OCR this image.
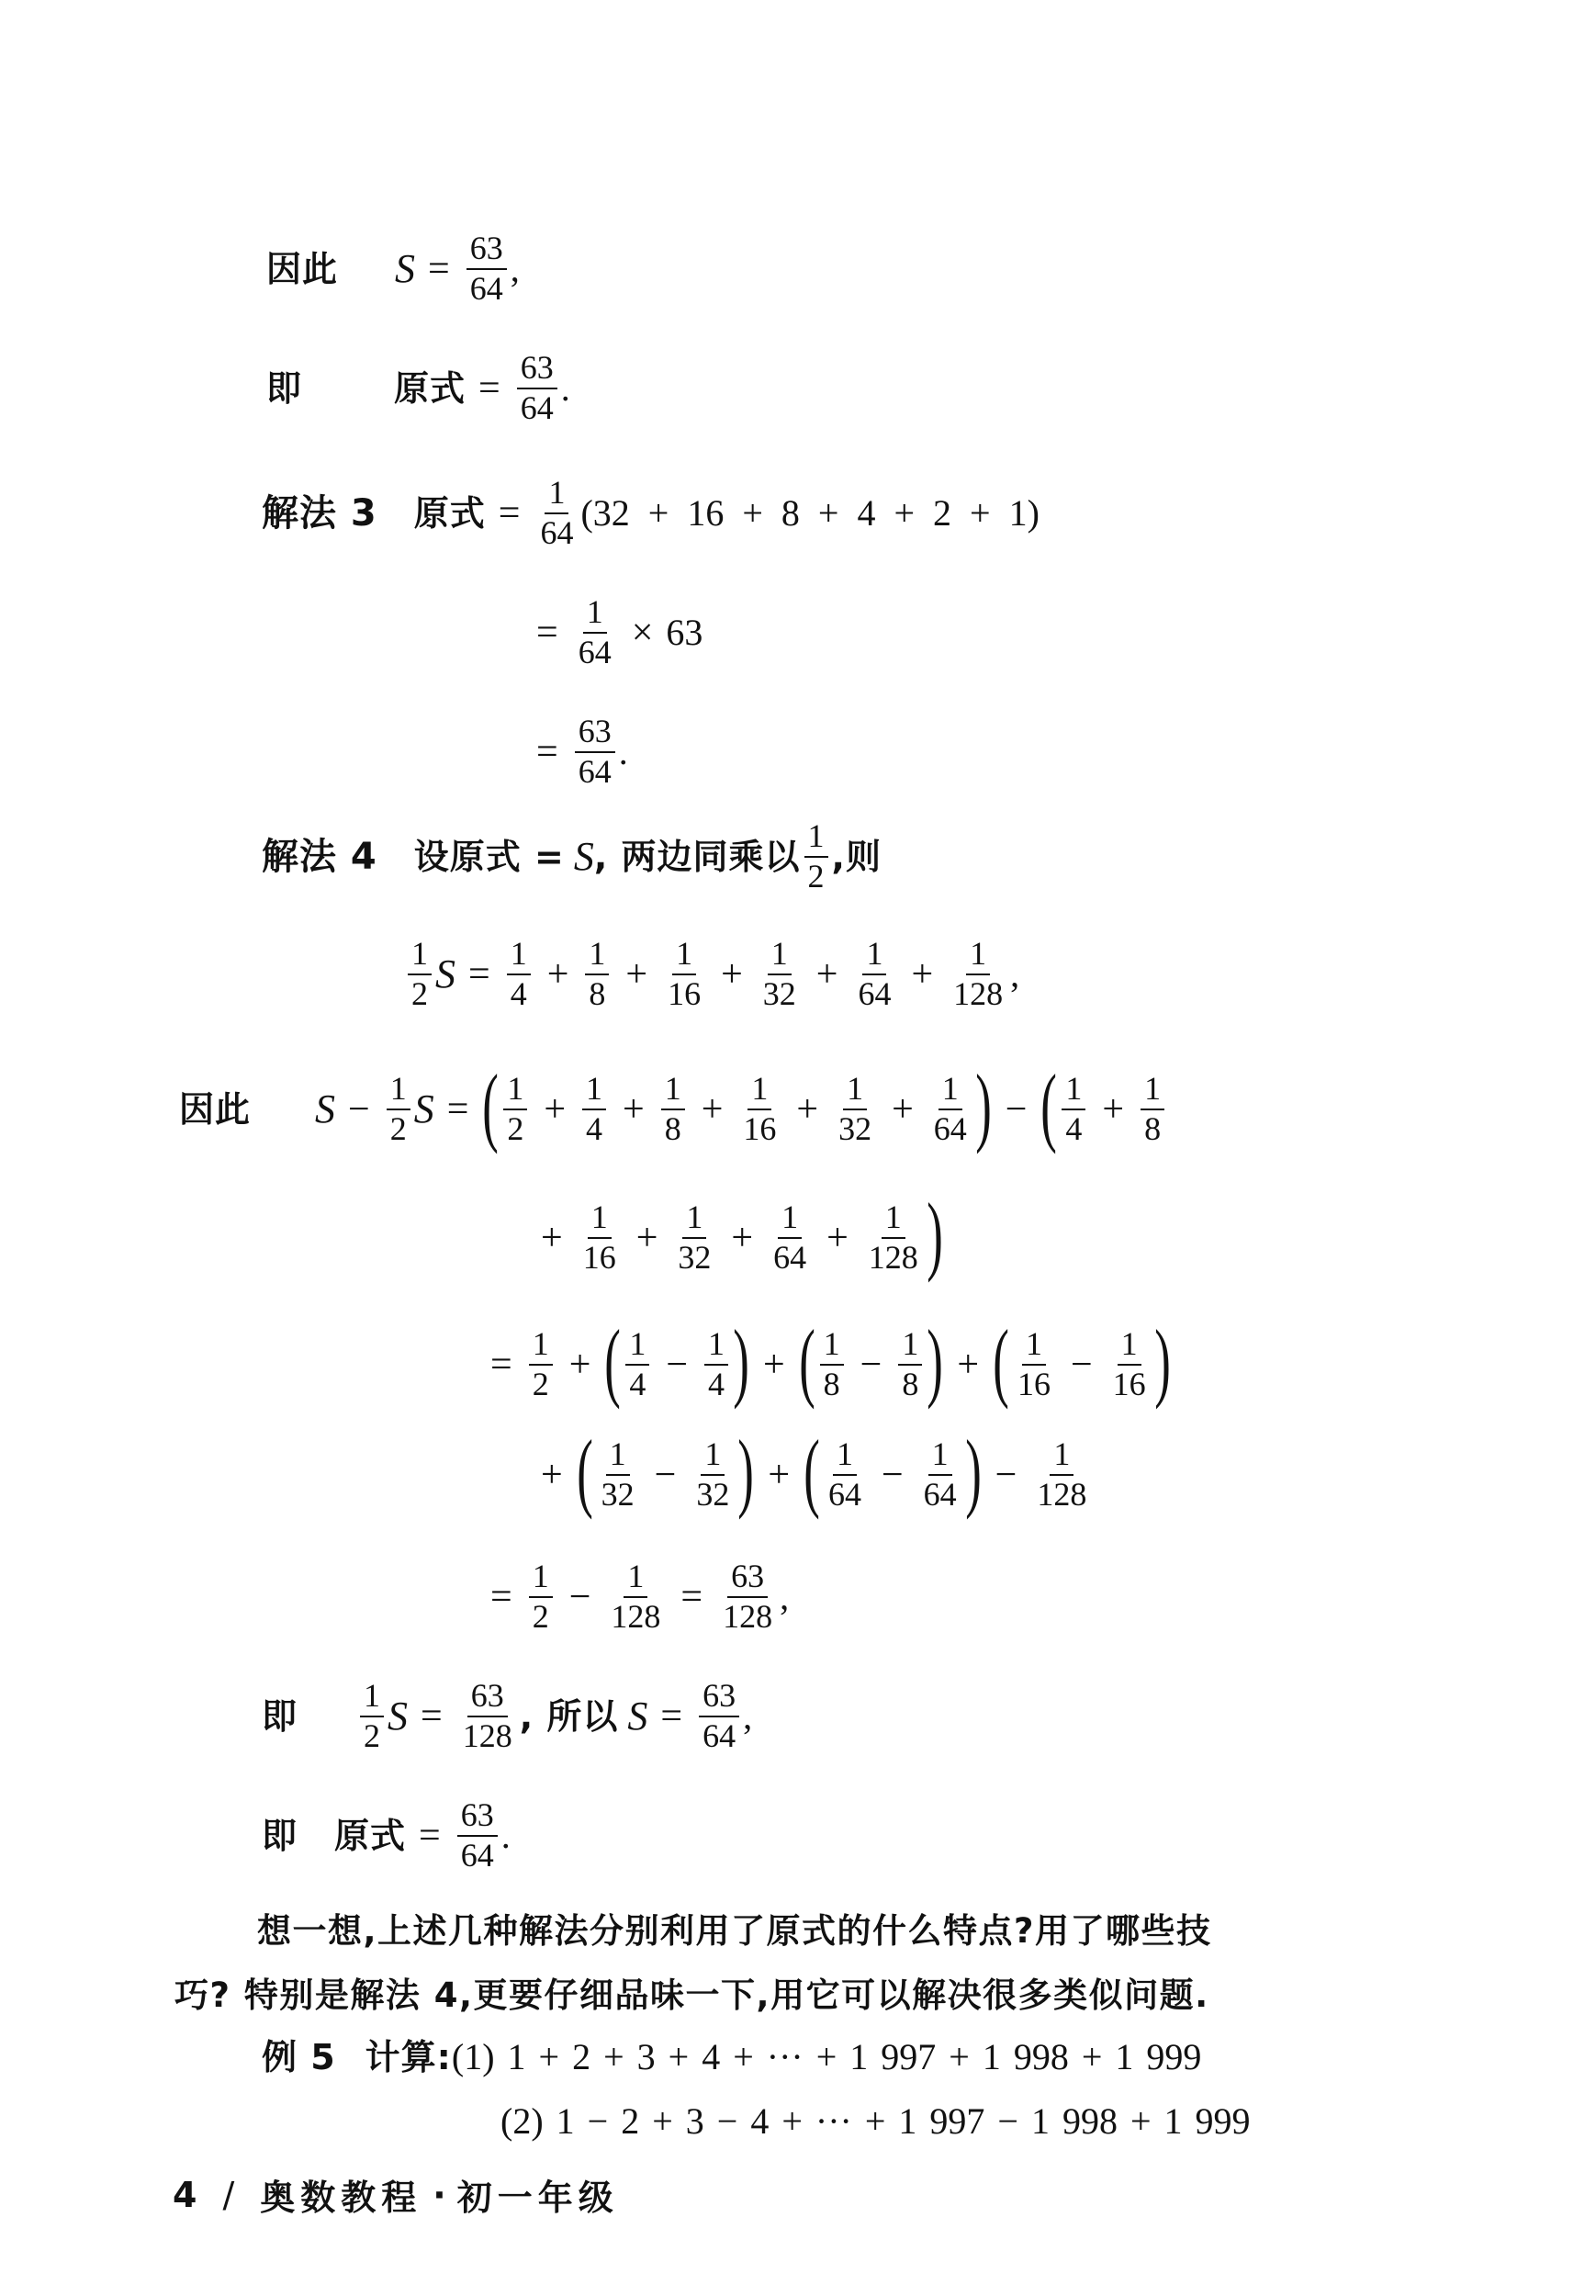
因此 $S = \frac{63}{64}$ ,
即	原式 = $\frac{63}{64}$ .
解法 3 原式 = $\frac{1}{64} (32 + 16 + 8 + 4 + 2 + 1)$
= $\frac{1}{64} \times 63$
= $\frac{63}{64}$ .
解法 4 设原式 = S , 两边同乘以 $\frac{1}{2}$ ,则
$\frac{1}{2}$ $S = \frac{1}{4} + \frac{1}{8} + \frac{1}{16} + \frac{1}{32} + \frac{1}{64} + \frac{1}{128}$ ,
因此 $S - \frac{1}{2}$ S = ( $\frac{1}{2} + \frac{1}{4} + \frac{1}{8} + \frac{1}{16} + \frac{1}{32} + \frac{1}{64}$ ) − ( $\frac{1}{4} + \frac{1}{8}$
+ $\frac{1}{16} + \frac{1}{32} + \frac{1}{64} + \frac{1}{128}$ )
= $\frac{1}{2}$ + ( $\frac{1}{4} - \frac{1}{4}$ ) + ( $\frac{1}{8} - \frac{1}{8}$ ) + ( $\frac{1}{16} - \frac{1}{16}$ )
+ ( $\frac{1}{32} - \frac{1}{32}$ ) + ( $\frac{1}{64} - \frac{1}{64}$ ) − $\frac{1}{128}$
= $\frac{1}{2} - \frac{1}{128} = \frac{63}{128}$ ,
即 $\frac{1}{2}$ $S = \frac{63}{128}$ , 所以 $S = \frac{63}{64}$ ,
即 原式 = $\frac{63}{64}$ .
想一想,上述几种解法分别利用了原式的什么特点?用了哪些技
巧? 特别是解法 4,更要仔细品味一下,用它可以解决很多类似问题.
例 5 计算: (1) 1 + 2 + 3 + 4 + ··· + 1 997 + 1 998 + 1 999
(2) 1 − 2 + 3 − 4 + ··· + 1 997 − 1 998 + 1 999
4 / 奥数教程 · 初一年级
